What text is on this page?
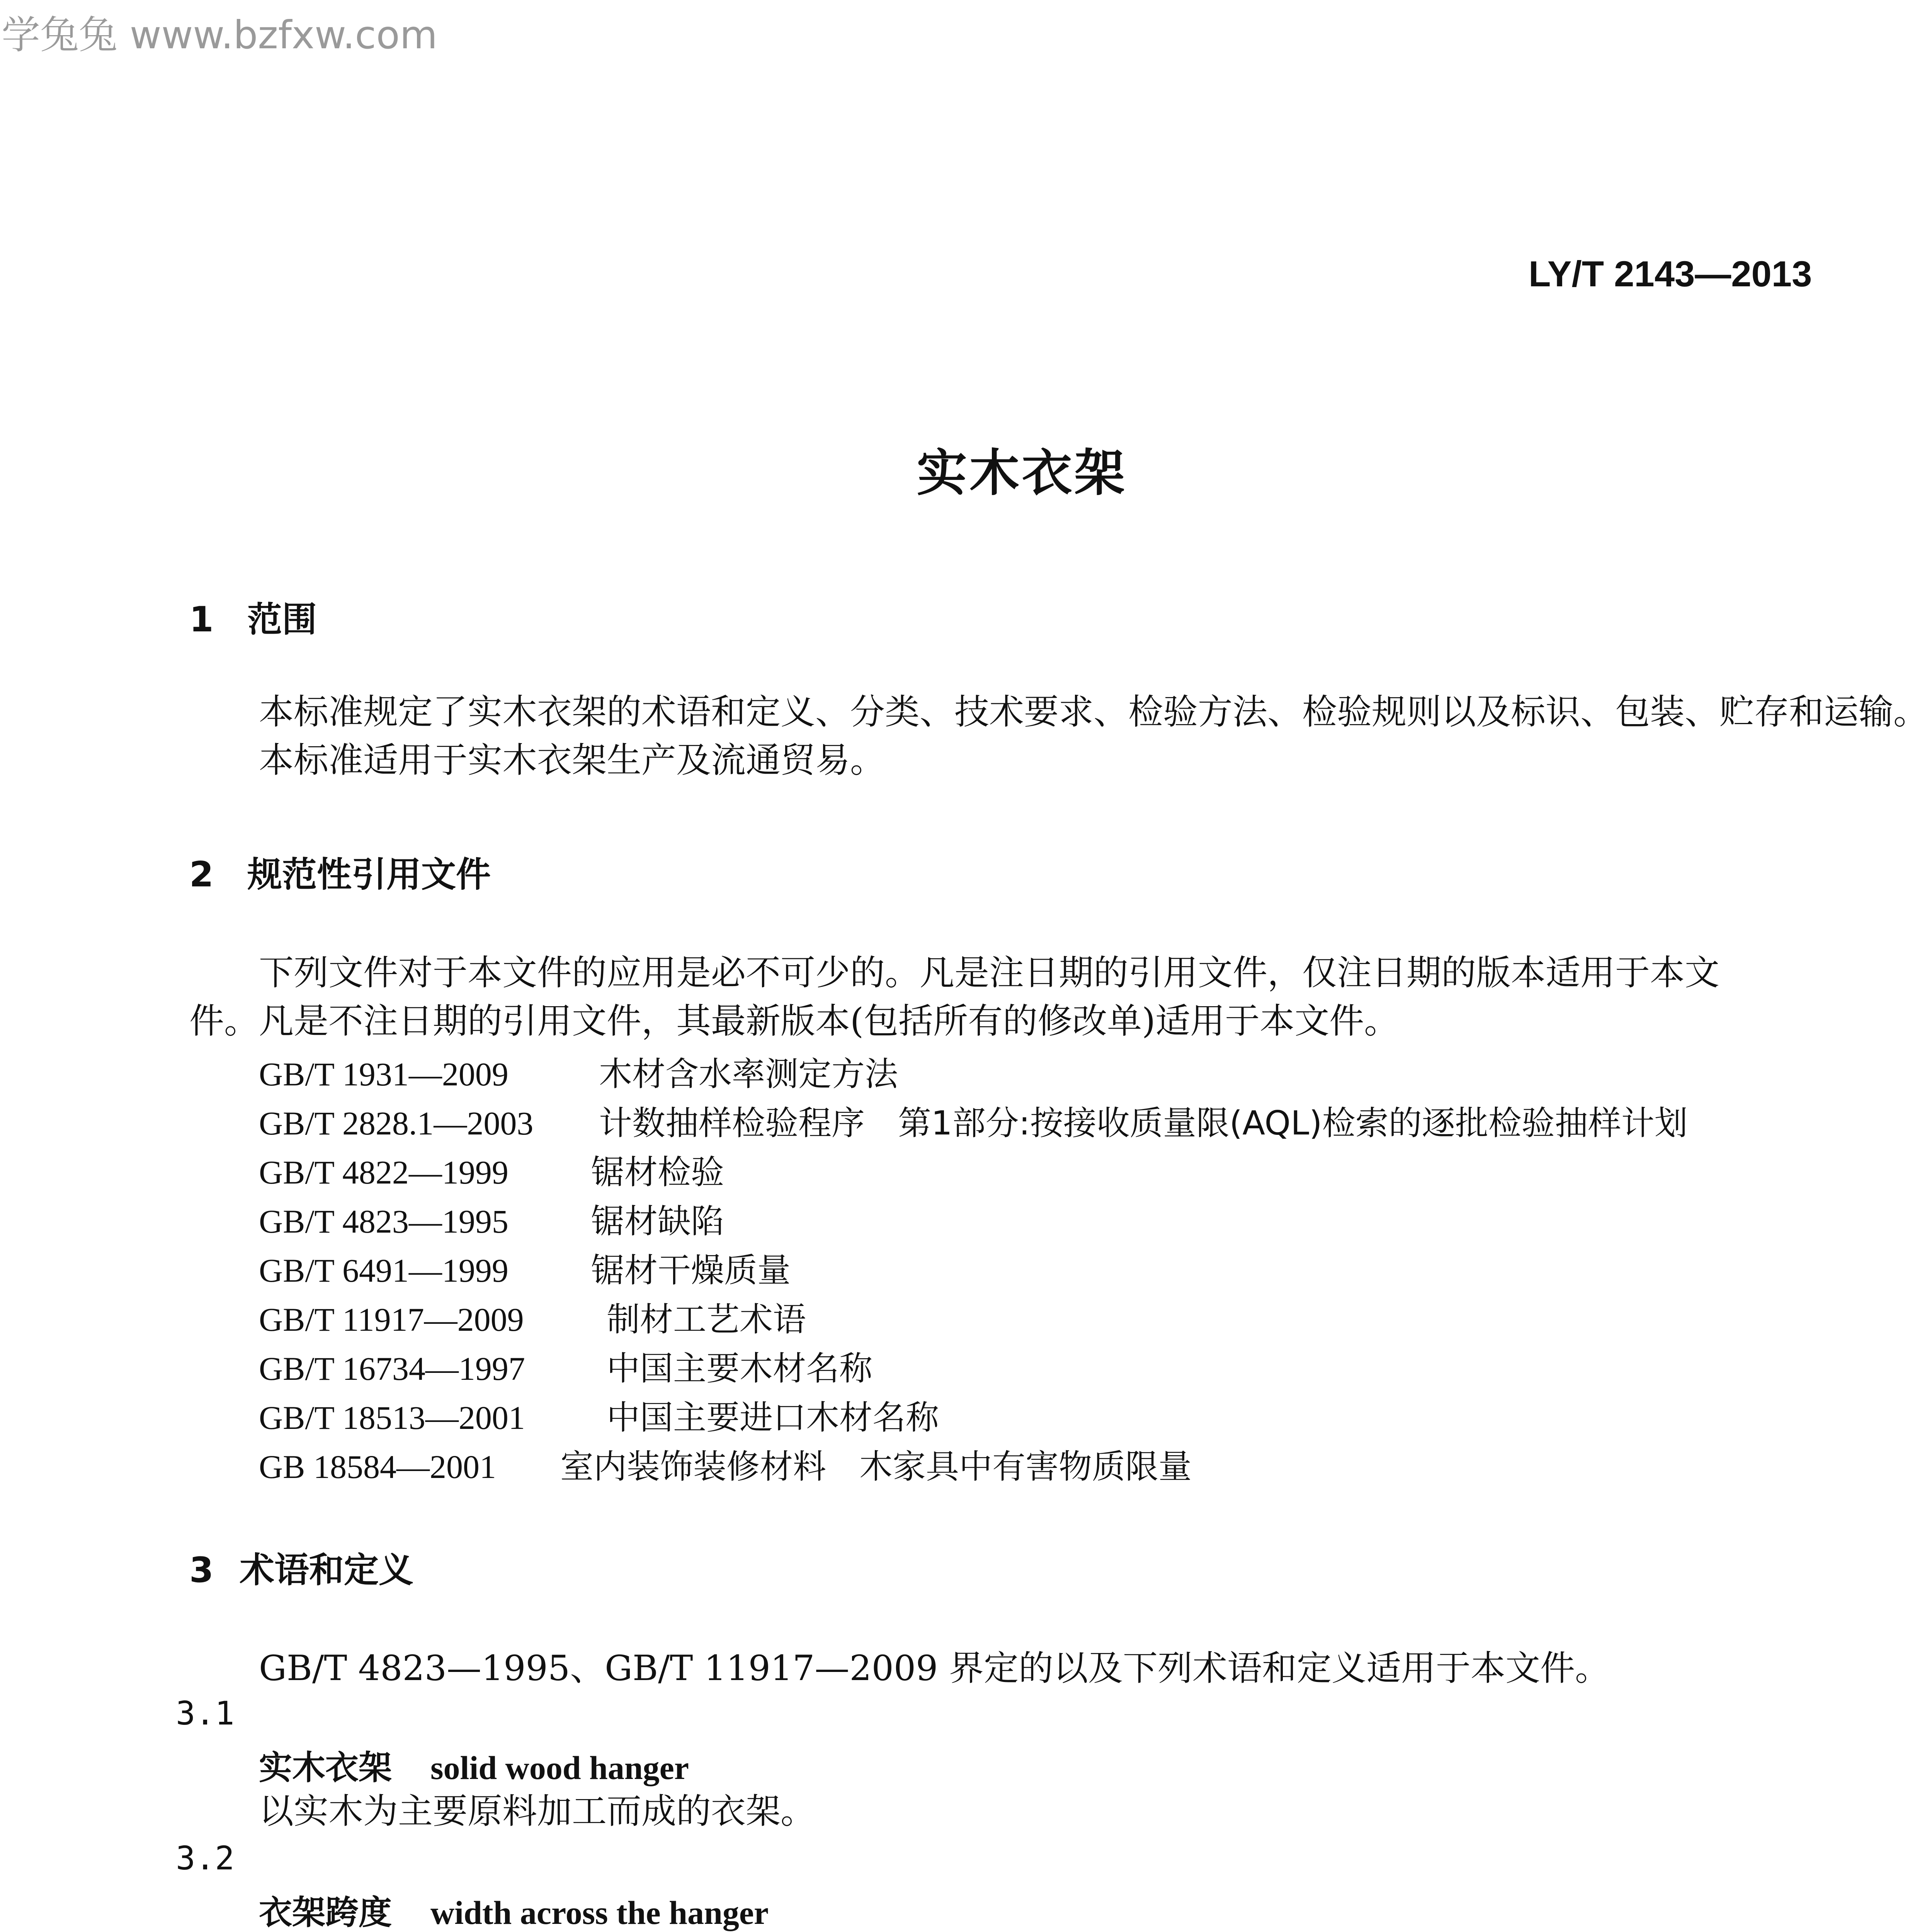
学兔兔 www.bzfxw.com
LY/T 2143—2013
实木衣架
1 范围
本标准规定了实木衣架的术语和定义、分类、技术要求、检验方法、检验规则以及标识、包装、贮存和运输。
本标准适用于实木衣架生产及流通贸易。
2 规范性引用文件
下列文件对于本文件的应用是必不可少的。凡是注日期的引用文件，仅注日期的版本适用于本文
件。凡是不注日期的引用文件，其最新版本(包括所有的修改单)适用于本文件。
GB/T 1931—2009	木材含水率测定方法
GB/T 2828.1—2003 计数抽样检验程序　第1部分:按接收质量限(AQL)检索的逐批检验抽样计划
GB/T 4822—1999 锯材检验
GB/T 4823—1995 锯材缺陷
GB/T 6491—1999 锯材干燥质量
GB/T 11917—2009 制材工艺术语
GB/T 16734—1997 中国主要木材名称
GB/T 18513—2001 中国主要进口木材名称
GB 18584—2001 室内装饰装修材料　木家具中有害物质限量
3 术语和定义
GB/T 4823—1995、GB/T 11917—2009 界定的以及下列术语和定义适用于本文件。
3.1
实木衣架 solid wood hanger
以实木为主要原料加工而成的衣架。
3.2
衣架跨度 width across the hanger
